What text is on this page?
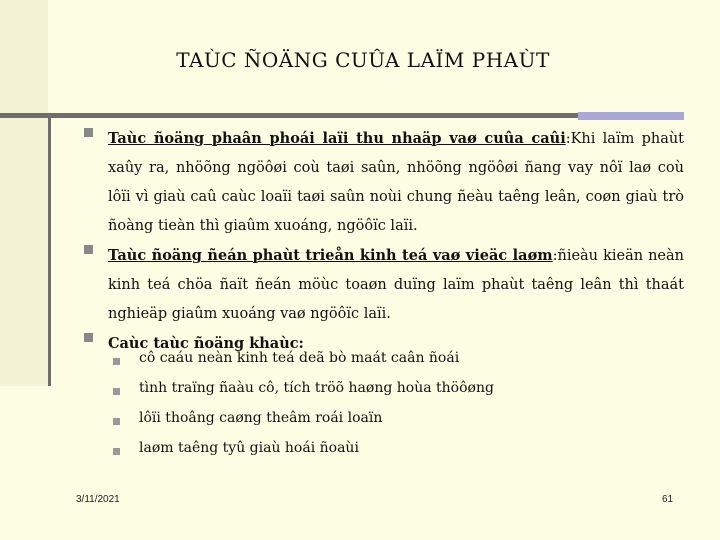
TAÙC ÑOÄNG CUÛA LAÏM PHAÙT
Taùc ñoäng phaân phoái laïi thu nhaäp vaø cuûa caûi:Khi laïm phaùt xaûy ra, nhöõng ngöôøi coù taøi saûn, nhöõng ngöôøi ñang vay nôï laø coù lôïi vì giaù caû caùc loaïi taøi saûn noùi chung ñeàu taêng leân, coøn giaù trò ñoàng tieàn thì giaûm xuoáng, ngöôïc laïi.
Taùc ñoäng ñeán phaùt trieån kinh teá vaø vieäc laøm:ñieàu kieän neàn kinh teá chöa ñaït ñeán möùc toaøn duïng laïm phaùt taêng leân thì thaát nghieäp giaûm xuoáng vaø ngöôïc laïi.
Caùc taùc ñoäng khaùc:
cô caáu neàn kinh teá deã bò maát caân ñoái
tình traïng ñaàu cô, tích tröõ haøng hoùa thöôøng
lôïi thoâng caøng theâm roái loaïn
laøm taêng tyû giaù hoái ñoaùi
3/11/2021	61
